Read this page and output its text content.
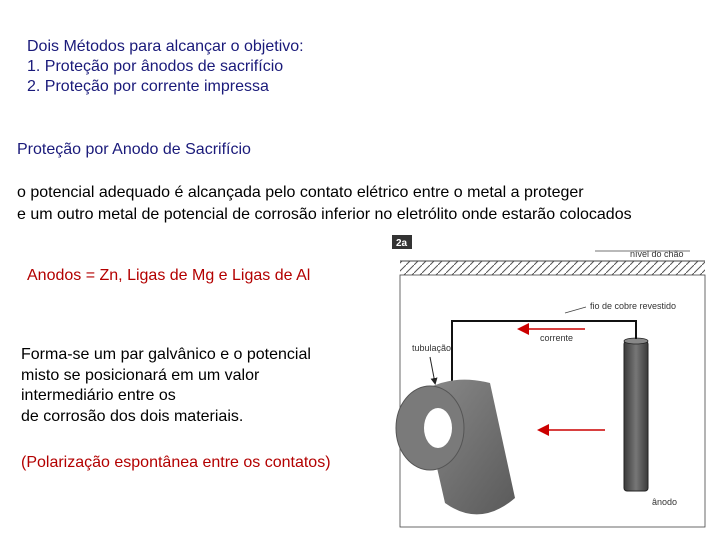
Dois Métodos para alcançar o objetivo:
1. Proteção por ânodos de sacrifício
2. Proteção por corrente impressa
Proteção por Anodo de Sacrifício
o potencial adequado é alcançada pelo contato elétrico entre o metal a proteger
e um outro metal de potencial de corrosão inferior no eletrólito onde estarão colocados
Anodos = Zn, Ligas de Mg e Ligas de Al
Forma-se um par galvânico e o potencial
misto se posicionará em um valor
intermediário entre os
de corrosão dos dois materiais.
(Polarização espontânea entre os contatos)
2a
nível do chão
fio de cobre revestido
corrente
tubulação
ânodo
